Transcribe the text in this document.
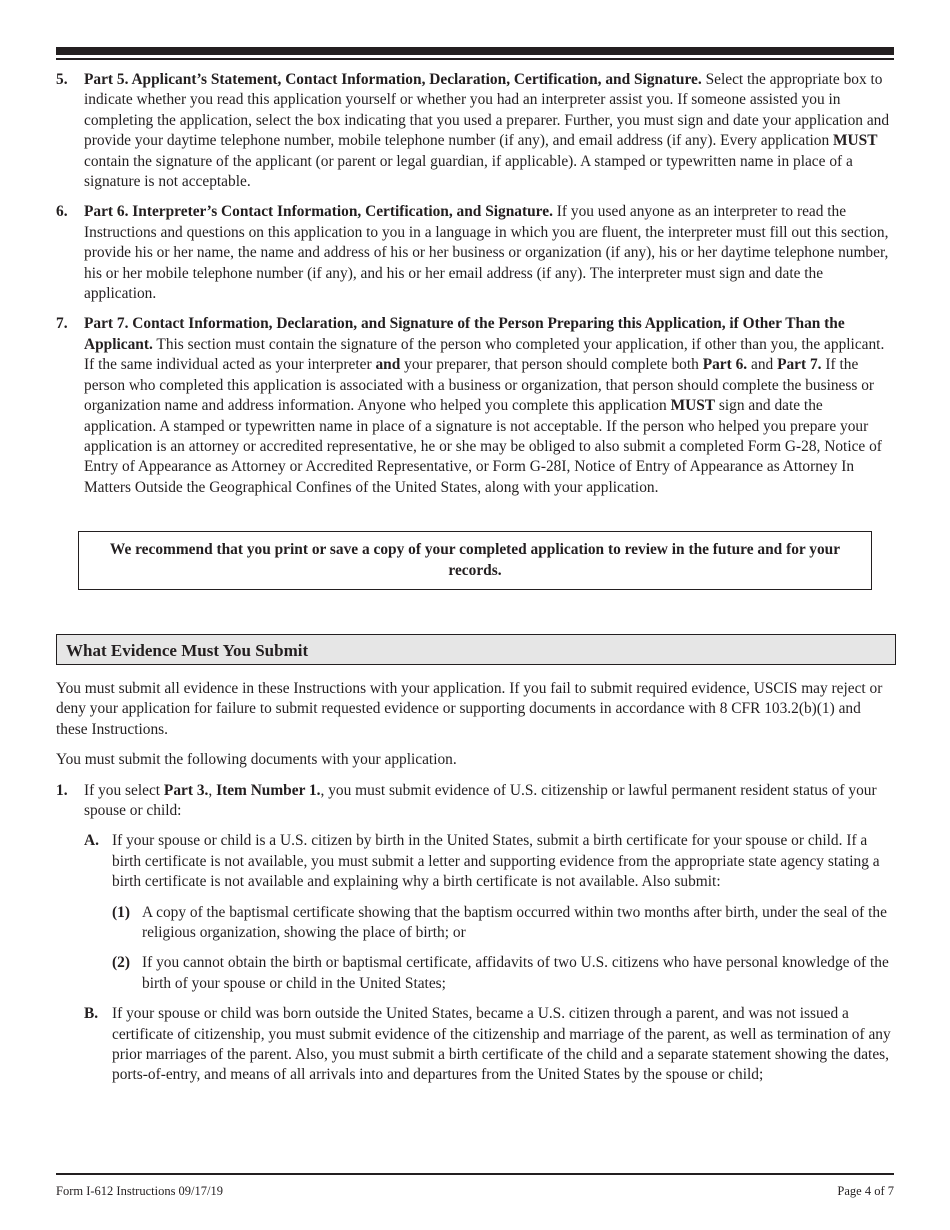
5. Part 5. Applicant’s Statement, Contact Information, Declaration, Certification, and Signature. Select the appropriate box to indicate whether you read this application yourself or whether you had an interpreter assist you. If someone assisted you in completing the application, select the box indicating that you used a preparer. Further, you must sign and date your application and provide your daytime telephone number, mobile telephone number (if any), and email address (if any). Every application MUST contain the signature of the applicant (or parent or legal guardian, if applicable). A stamped or typewritten name in place of a signature is not acceptable.

6. Part 6. Interpreter’s Contact Information, Certification, and Signature. If you used anyone as an interpreter to read the Instructions and questions on this application to you in a language in which you are fluent, the interpreter must fill out this section, provide his or her name, the name and address of his or her business or organization (if any), his or her daytime telephone number, his or her mobile telephone number (if any), and his or her email address (if any). The interpreter must sign and date the application.

7. Part 7. Contact Information, Declaration, and Signature of the Person Preparing this Application, if Other Than the Applicant. This section must contain the signature of the person who completed your application, if other than you, the applicant. If the same individual acted as your interpreter and your preparer, that person should complete both Part 6. and Part 7. If the person who completed this application is associated with a business or organization, that person should complete the business or organization name and address information. Anyone who helped you complete this application MUST sign and date the application. A stamped or typewritten name in place of a signature is not acceptable. If the person who helped you prepare your application is an attorney or accredited representative, he or she may be obliged to also submit a completed Form G-28, Notice of Entry of Appearance as Attorney or Accredited Representative, or Form G-28I, Notice of Entry of Appearance as Attorney In Matters Outside the Geographical Confines of the United States, along with your application.

We recommend that you print or save a copy of your completed application to review in the future and for your records.
What Evidence Must You Submit

You must submit all evidence in these Instructions with your application. If you fail to submit required evidence, USCIS may reject or deny your application for failure to submit requested evidence or supporting documents in accordance with 8 CFR 103.2(b)(1) and these Instructions.

You must submit the following documents with your application.

1. If you select Part 3., Item Number 1., you must submit evidence of U.S. citizenship or lawful permanent resident status of your spouse or child:

A. If your spouse or child is a U.S. citizen by birth in the United States, submit a birth certificate for your spouse or child. If a birth certificate is not available, you must submit a letter and supporting evidence from the appropriate state agency stating a birth certificate is not available and explaining why a birth certificate is not available. Also submit:

(1) A copy of the baptismal certificate showing that the baptism occurred within two months after birth, under the seal of the religious organization, showing the place of birth; or

(2) If you cannot obtain the birth or baptismal certificate, affidavits of two U.S. citizens who have personal knowledge of the birth of your spouse or child in the United States;

B. If your spouse or child was born outside the United States, became a U.S. citizen through a parent, and was not issued a certificate of citizenship, you must submit evidence of the citizenship and marriage of the parent, as well as termination of any prior marriages of the parent. Also, you must submit a birth certificate of the child and a separate statement showing the dates, ports-of-entry, and means of all arrivals into and departures from the United States by the spouse or child;

Form I-612 Instructions 09/17/19	Page 4 of 7
